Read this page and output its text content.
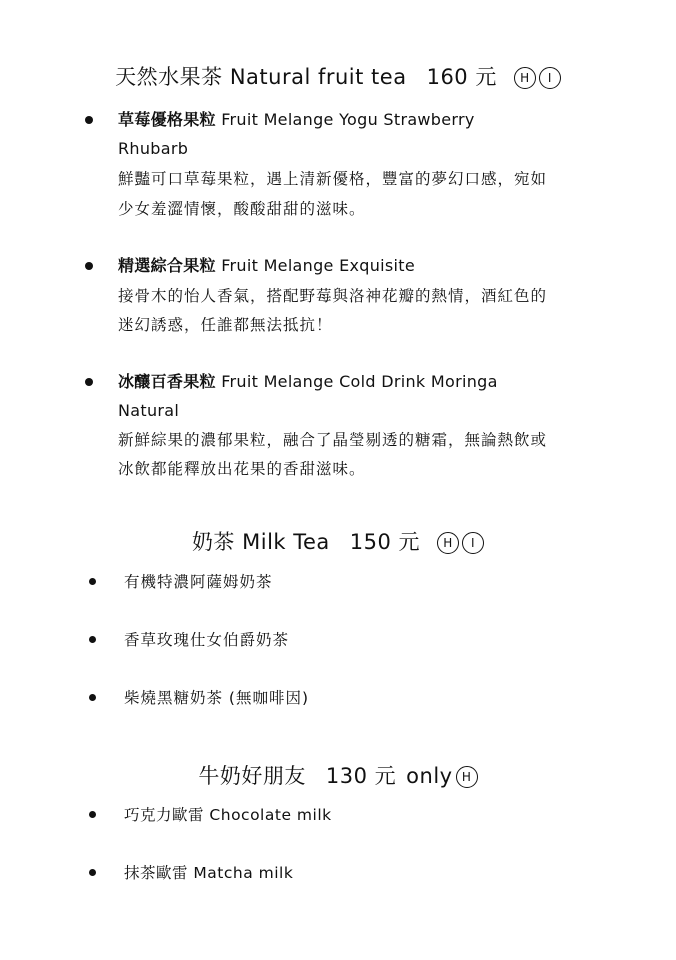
天然水果茶 Natural fruit tea 160 元 H I
草莓優格果粒 Fruit Melange Yogu Strawberry
Rhubarb
鮮豔可口草莓果粒，遇上清新優格，豐富的夢幻口感，宛如
少女羞澀情懷，酸酸甜甜的滋味。
精選綜合果粒 Fruit Melange Exquisite
接骨木的怡人香氣，搭配野莓與洛神花瓣的熱情，酒紅色的
迷幻誘惑，任誰都無法抵抗！
冰釀百香果粒 Fruit Melange Cold Drink Moringa
Natural
新鮮綜果的濃郁果粒，融合了晶瑩剔透的糖霜，無論熱飲或
冰飲都能釋放出花果的香甜滋味。
奶茶 Milk Tea 150 元 H I
有機特濃阿薩姆奶茶
香草玫瑰仕女伯爵奶茶
柴燒黑糖奶茶 (無咖啡因)
牛奶好朋友 130 元 only H
巧克力歐雷 Chocolate milk
抹茶歐雷 Matcha milk
